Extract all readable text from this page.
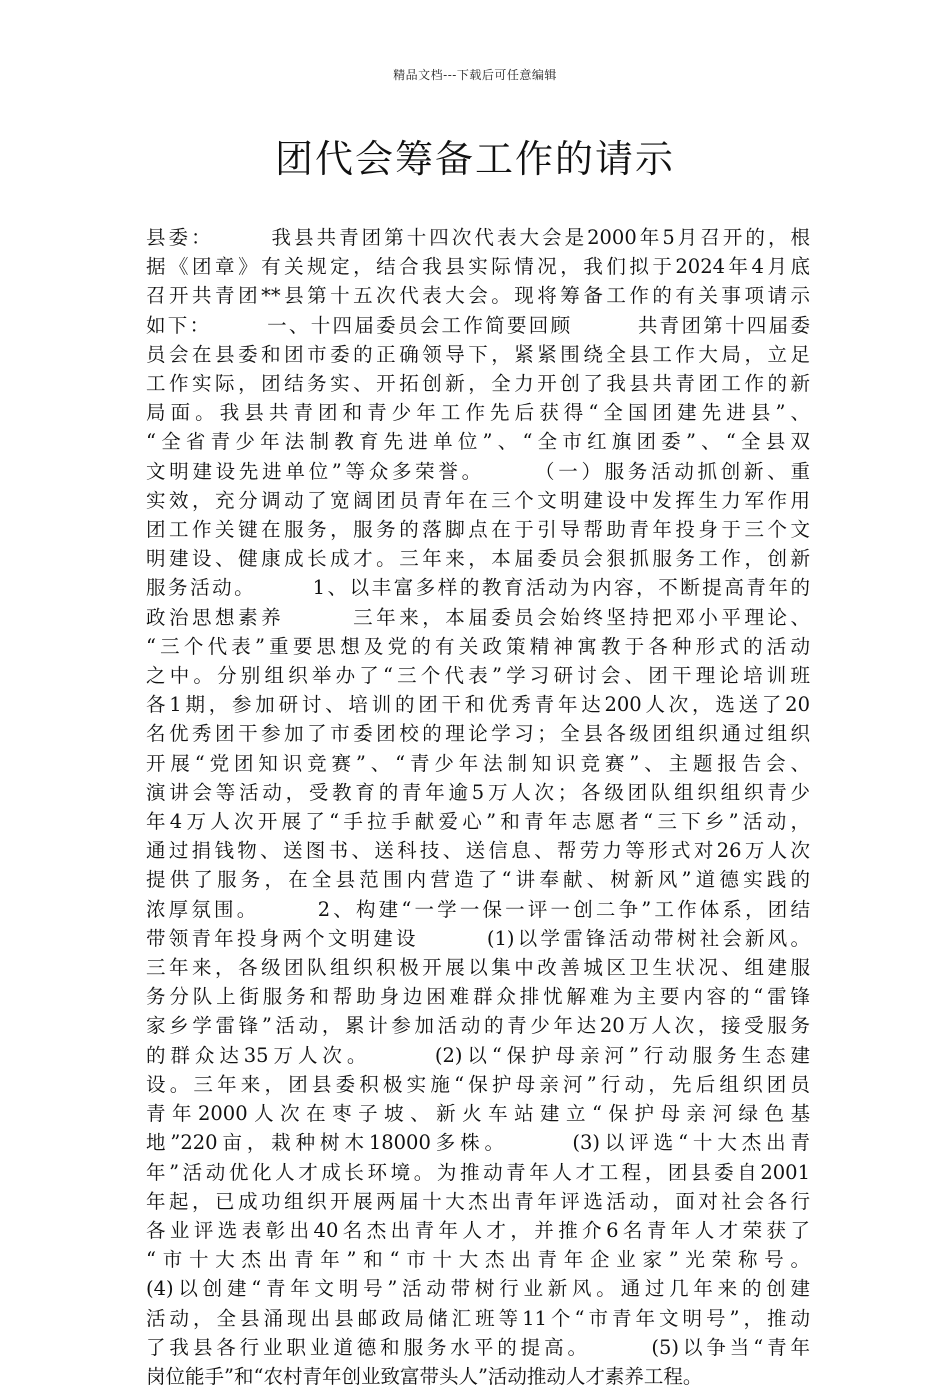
精品文档---下载后可任意编辑
团代会筹备工作的请示
县委：　　　我县共青团第十四次代表大会是2000年5月召开的，根
据《团章》有关规定，结合我县实际情况，我们拟于2024年4月底
召开共青团**县第十五次代表大会。现将筹备工作的有关事项请示
如下：　　　一、十四届委员会工作简要回顾　　　共青团第十四届委
员会在县委和团市委的正确领导下，紧紧围绕全县工作大局，立足
工作实际，团结务实、开拓创新，全力开创了我县共青团工作的新
局面。我县共青团和青少年工作先后获得“全国团建先进县”、
“全省青少年法制教育先进单位”、“全市红旗团委”、“全县双
文明建设先进单位”等众多荣誉。　　　（一）服务活动抓创新、重
实效，充分调动了宽阔团员青年在三个文明建设中发挥生力军作用
团工作关键在服务，服务的落脚点在于引导帮助青年投身于三个文
明建设、健康成长成才。三年来，本届委员会狠抓服务工作，创新
服务活动。　　　1、以丰富多样的教育活动为内容，不断提高青年的
政治思想素养　　　三年来，本届委员会始终坚持把邓小平理论、
“三个代表”重要思想及党的有关政策精神寓教于各种形式的活动
之中。分别组织举办了“三个代表”学习研讨会、团干理论培训班
各1期，参加研讨、培训的团干和优秀青年达200人次，选送了20
名优秀团干参加了市委团校的理论学习；全县各级团组织通过组织
开展“党团知识竞赛”、“青少年法制知识竞赛”、主题报告会、
演讲会等活动，受教育的青年逾5万人次；各级团队组织组织青少
年4万人次开展了“手拉手献爱心”和青年志愿者“三下乡”活动，
通过捐钱物、送图书、送科技、送信息、帮劳力等形式对26万人次
提供了服务，在全县范围内营造了“讲奉献、树新风”道德实践的
浓厚氛围。　　　2、构建“一学一保一评一创二争”工作体系，团结
带领青年投身两个文明建设　　　(1)以学雷锋活动带树社会新风。
三年来，各级团队组织积极开展以集中改善城区卫生状况、组建服
务分队上街服务和帮助身边困难群众排忧解难为主要内容的“雷锋
家乡学雷锋”活动，累计参加活动的青少年达20万人次，接受服务
的群众达35万人次。　　　(2)以“保护母亲河”行动服务生态建
设。三年来，团县委积极实施“保护母亲河”行动，先后组织团员
青年2000人次在枣子坡、新火车站建立“保护母亲河绿色基
地”220亩，栽种树木18000多株。　　　(3)以评选“十大杰出青
年”活动优化人才成长环境。为推动青年人才工程，团县委自2001
年起，已成功组织开展两届十大杰出青年评选活动，面对社会各行
各业评选表彰出40名杰出青年人才，并推介6名青年人才荣获了
“市十大杰出青年”和“市十大杰出青年企业家”光荣称号。
(4)以创建“青年文明号”活动带树行业新风。通过几年来的创建
活动，全县涌现出县邮政局储汇班等11个“市青年文明号”，推动
了我县各行业职业道德和服务水平的提高。　　　(5)以争当“青年
岗位能手”和“农村青年创业致富带头人”活动推动人才素养工程。
